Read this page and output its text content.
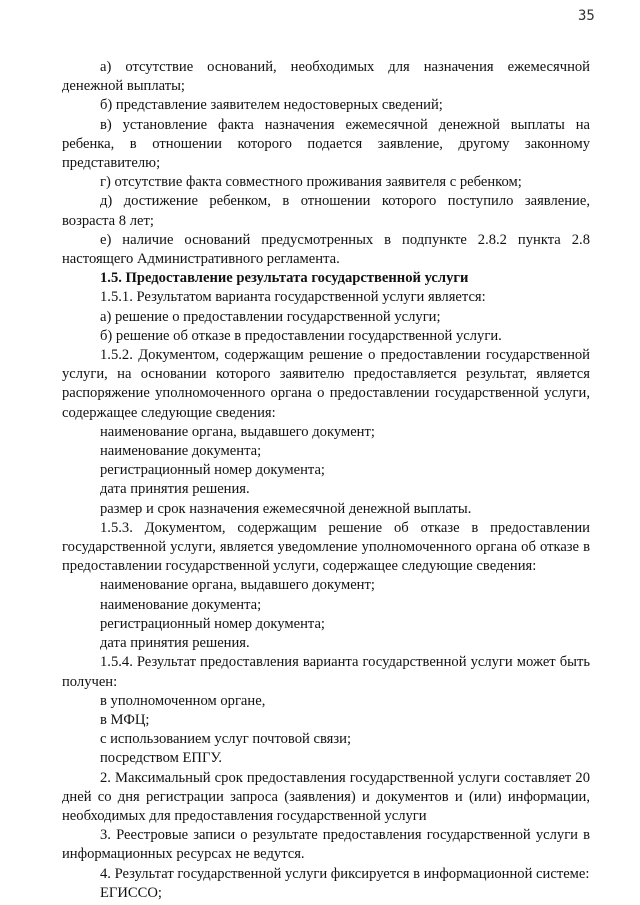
35

а) отсутствие оснований, необходимых для назначения ежемесячной денежной выплаты;

б) представление заявителем недостоверных сведений;

в) установление факта назначения ежемесячной денежной выплаты на ребенка, в отношении которого подается заявление, другому законному представителю;

г) отсутствие факта совместного проживания заявителя с ребенком;

д) достижение ребенком, в отношении которого поступило заявление, возраста 8 лет;

е) наличие оснований предусмотренных в подпункте 2.8.2 пункта 2.8 настоящего Административного регламента.

1.5. Предоставление результата государственной услуги

1.5.1. Результатом варианта государственной услуги является:

а) решение о предоставлении государственной услуги;

б) решение об отказе в предоставлении государственной услуги.

1.5.2. Документом, содержащим решение о предоставлении государственной услуги, на основании которого заявителю предоставляется результат, является распоряжение уполномоченного органа о предоставлении государственной услуги, содержащее следующие сведения:

наименование органа, выдавшего документ;

наименование документа;

регистрационный номер документа;

дата принятия решения.

размер и срок назначения ежемесячной денежной выплаты.

1.5.3. Документом, содержащим решение об отказе в предоставлении государственной услуги, является уведомление уполномоченного органа об отказе в предоставлении государственной услуги, содержащее следующие сведения:

наименование органа, выдавшего документ;

наименование документа;

регистрационный номер документа;

дата принятия решения.

1.5.4. Результат предоставления варианта государственной услуги может быть получен:

в уполномоченном органе,

в МФЦ;

с использованием услуг почтовой связи;

посредством ЕПГУ.

2. Максимальный срок предоставления государственной услуги составляет 20 дней со дня регистрации запроса (заявления) и документов и (или) информации, необходимых для предоставления государственной услуги

3. Реестровые записи о результате предоставления государственной услуги в информационных ресурсах не ведутся.

4. Результат государственной услуги фиксируется в информационной системе:

ЕГИССО;
